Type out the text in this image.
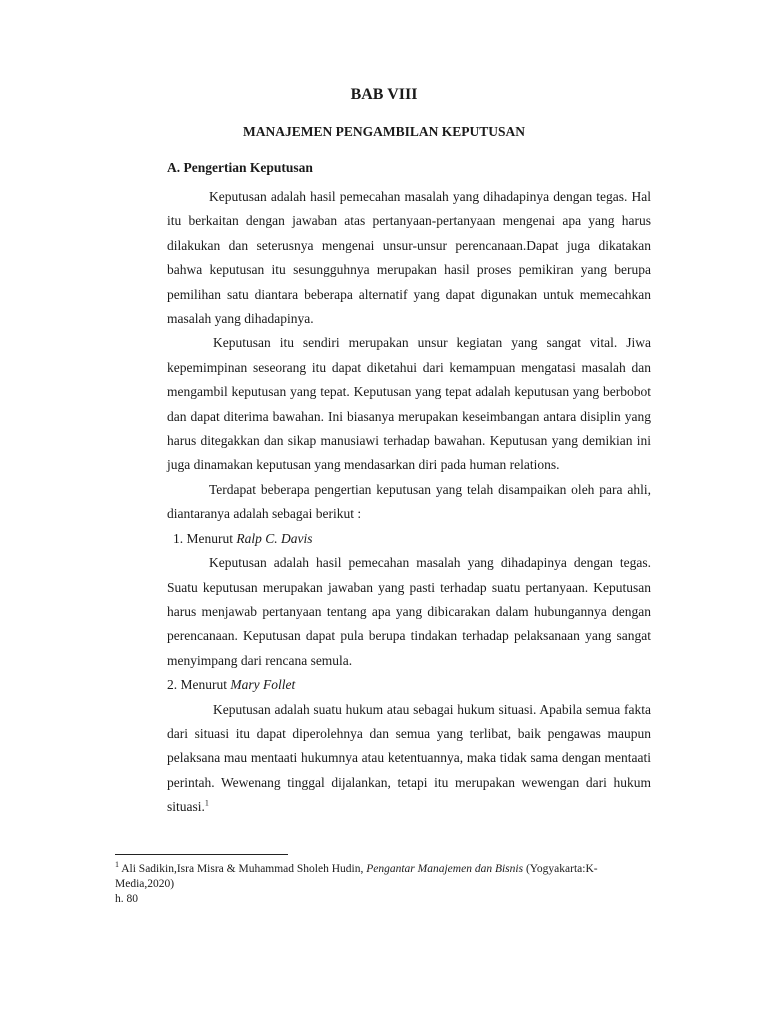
BAB VIII
MANAJEMEN PENGAMBILAN KEPUTUSAN
A. Pengertian Keputusan

Keputusan adalah hasil pemecahan masalah yang dihadapinya dengan tegas. Hal itu berkaitan dengan jawaban atas pertanyaan-pertanyaan mengenai apa yang harus dilakukan dan seterusnya mengenai unsur-unsur perencanaan.Dapat juga dikatakan bahwa keputusan itu sesungguhnya merupakan hasil proses pemikiran yang berupa pemilihan satu diantara beberapa alternatif yang dapat digunakan untuk memecahkan masalah yang dihadapinya.

Keputusan itu sendiri merupakan unsur kegiatan yang sangat vital. Jiwa kepemimpinan seseorang itu dapat diketahui dari kemampuan mengatasi masalah dan mengambil keputusan yang tepat. Keputusan yang tepat adalah keputusan yang berbobot dan dapat diterima bawahan. Ini biasanya merupakan keseimbangan antara disiplin yang harus ditegakkan dan sikap manusiawi terhadap bawahan. Keputusan yang demikian ini juga dinamakan keputusan yang mendasarkan diri pada human relations.

Terdapat beberapa pengertian keputusan yang telah disampaikan oleh para ahli, diantaranya adalah sebagai berikut :

1. Menurut Ralp C. Davis

Keputusan adalah hasil pemecahan masalah yang dihadapinya dengan tegas. Suatu keputusan merupakan jawaban yang pasti terhadap suatu pertanyaan. Keputusan harus menjawab pertanyaan tentang apa yang dibicarakan dalam hubungannya dengan perencanaan. Keputusan dapat pula berupa tindakan terhadap pelaksanaan yang sangat menyimpang dari rencana semula.

2. Menurut Mary Follet

Keputusan adalah suatu hukum atau sebagai hukum situasi. Apabila semua fakta dari situasi itu dapat diperolehnya dan semua yang terlibat, baik pengawas maupun pelaksana mau mentaati hukumnya atau ketentuannya, maka tidak sama dengan mentaati perintah. Wewenang tinggal dijalankan, tetapi itu merupakan wewengan dari hukum situasi.$^1$

$^1$ Ali Sadikin,Isra Misra & Muhammad Sholeh Hudin, Pengantar Manajemen dan Bisnis (Yogyakarta:K-Media,2020)

h. 80
